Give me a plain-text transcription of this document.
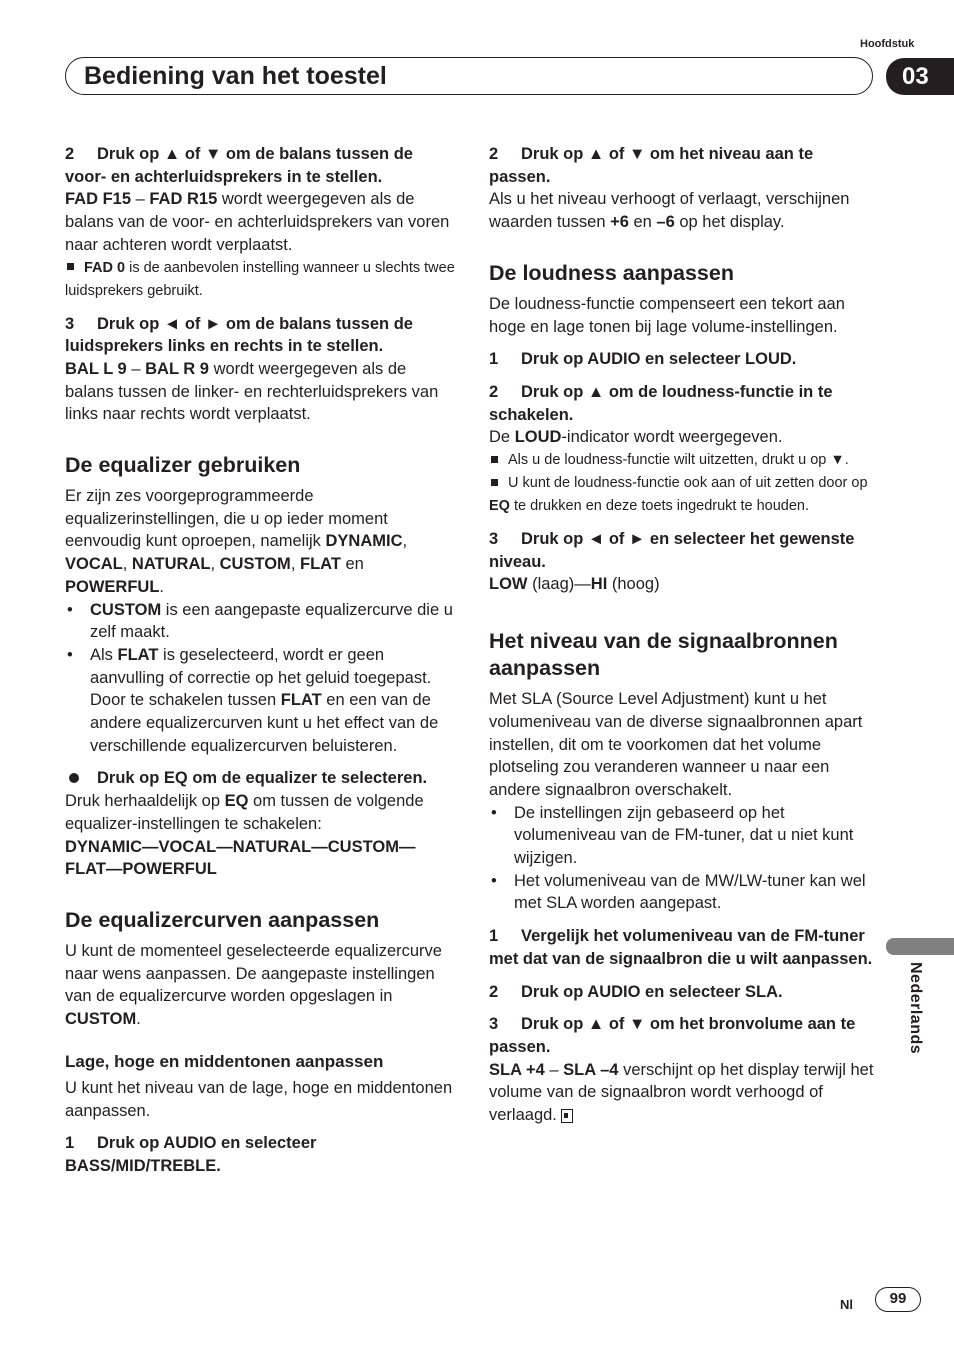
Hoofdstuk
Bediening van het toestel	03

2 Druk op ▲ of ▼ om de balans tussen de voor- en achterluidsprekers in te stellen.

FAD F15 – FAD R15 wordt weergegeven als de balans van de voor- en achterluidsprekers van voren naar achteren wordt verplaatst.

FAD 0 is de aanbevolen instelling wanneer u slechts twee luidsprekers gebruikt.

3 Druk op ◄ of ► om de balans tussen de luidsprekers links en rechts in te stellen.

BAL L 9 – BAL R 9 wordt weergegeven als de balans tussen de linker- en rechterluidsprekers van links naar rechts wordt verplaatst.

De equalizer gebruiken

Er zijn zes voorgeprogrammeerde equalizerinstellingen, die u op ieder moment eenvoudig kunt oproepen, namelijk DYNAMIC, VOCAL, NATURAL, CUSTOM, FLAT en POWERFUL.

• CUSTOM is een aangepaste equalizercurve die u zelf maakt.
• Als FLAT is geselecteerd, wordt er geen aanvulling of correctie op het geluid toegepast. Door te schakelen tussen FLAT en een van de andere equalizercurven kunt u het effect van de verschillende equalizercurven beluisteren.

Druk op EQ om de equalizer te selecteren.

Druk herhaaldelijk op EQ om tussen de volgende equalizer-instellingen te schakelen:

DYNAMIC—VOCAL—NATURAL—CUSTOM—FLAT—POWERFUL

De equalizercurven aanpassen

U kunt de momenteel geselecteerde equalizercurve naar wens aanpassen. De aangepaste instellingen van de equalizercurve worden opgeslagen in CUSTOM.

Lage, hoge en middentonen aanpassen

U kunt het niveau van de lage, hoge en middentonen aanpassen.

1 Druk op AUDIO en selecteer BASS/MID/TREBLE.

2 Druk op ▲ of ▼ om het niveau aan te passen.

Als u het niveau verhoogt of verlaagt, verschijnen waarden tussen +6 en –6 op het display.

De loudness aanpassen

De loudness-functie compenseert een tekort aan hoge en lage tonen bij lage volume-instellingen.

1 Druk op AUDIO en selecteer LOUD.

2 Druk op ▲ om de loudness-functie in te schakelen.

De LOUD-indicator wordt weergegeven.

Als u de loudness-functie wilt uitzetten, drukt u op ▼.

U kunt de loudness-functie ook aan of uit zetten door op EQ te drukken en deze toets ingedrukt te houden.

3 Druk op ◄ of ► en selecteer het gewenste niveau.

LOW (laag)—HI (hoog)

Het niveau van de signaalbronnen aanpassen

Met SLA (Source Level Adjustment) kunt u het volumeniveau van de diverse signaalbronnen apart instellen, dit om te voorkomen dat het volume plotseling zou veranderen wanneer u naar een andere signaalbron overschakelt.

• De instellingen zijn gebaseerd op het volumeniveau van de FM-tuner, dat u niet kunt wijzigen.
• Het volumeniveau van de MW/LW-tuner kan wel met SLA worden aangepast.

1 Vergelijk het volumeniveau van de FM-tuner met dat van de signaalbron die u wilt aanpassen.

2 Druk op AUDIO en selecteer SLA.

3 Druk op ▲ of ▼ om het bronvolume aan te passen.

SLA +4 – SLA –4 verschijnt op het display terwijl het volume van de signaalbron wordt verhoogd of verlaagd.

Nederlands
Nl	99
